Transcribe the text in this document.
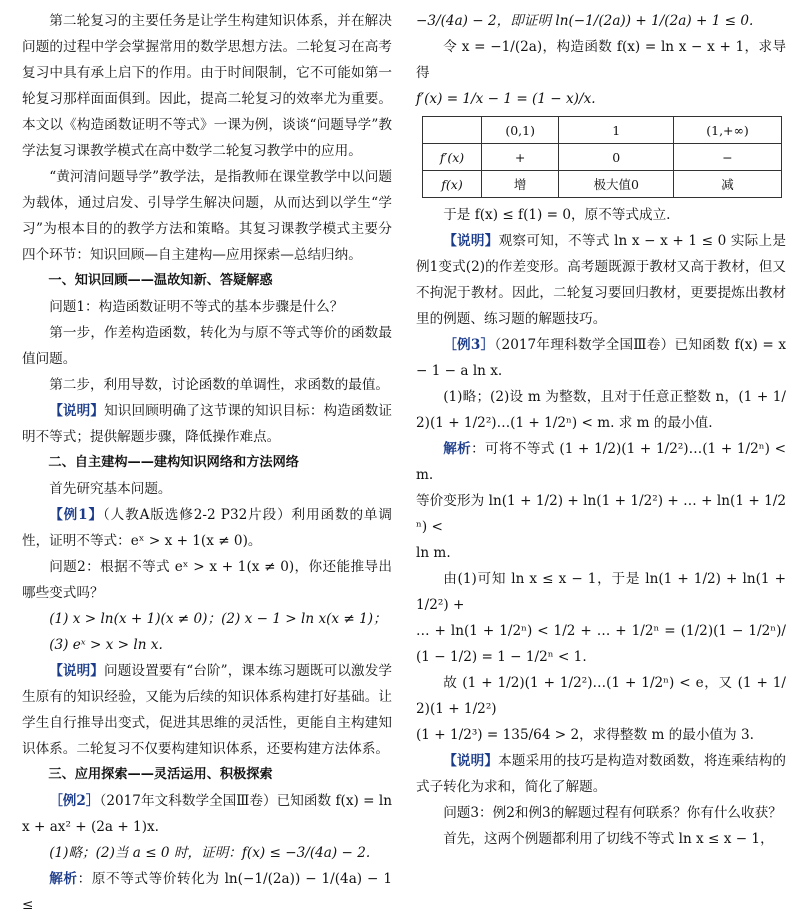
第二轮复习的主要任务是让学生构建知识体系，并在解决问题的过程中学会掌握常用的数学思想方法。二轮复习在高考复习中具有承上启下的作用。由于时间限制，它不可能如第一轮复习那样面面俱到。因此，提高二轮复习的效率尤为重要。本文以《构造函数证明不等式》一课为例，谈谈“问题导学”教学法复习课教学模式在高中数学二轮复习教学中的应用。

“黄河清问题导学”教学法，是指教师在课堂教学中以问题为载体，通过启发、引导学生解决问题，从而达到以学生“学习”为根本目的的教学方法和策略。其复习课教学模式主要分四个环节：知识回顾—自主建构—应用探索—总结归纳。

一、知识回顾——温故知新、答疑解惑

问题1：构造函数证明不等式的基本步骤是什么？

第一步，作差构造函数，转化为与原不等式等价的函数最值问题。

第二步，利用导数，讨论函数的单调性，求函数的最值。

【说明】知识回顾明确了这节课的知识目标：构造函数证明不等式；提供解题步骤，降低操作难点。

二、自主建构——建构知识网络和方法网络

首先研究基本问题。

【例1】（人教A版选修2-2 P32片段）利用函数的单调性，证明不等式：eˣ > x + 1(x ≠ 0)。

问题2：根据不等式 eˣ > x + 1(x ≠ 0)，你还能推导出哪些变式吗？

(1) x > ln(x + 1)(x ≠ 0)；(2) x − 1 > ln x(x ≠ 1)；

(3) eˣ > x > ln x.

【说明】问题设置要有“台阶”，课本练习题既可以激发学生原有的知识经验，又能为后续的知识体系构建打好基础。让学生自行推导出变式，促进其思维的灵活性，更能自主构建知识体系。二轮复习不仅要构建知识体系，还要构建方法体系。

三、应用探索——灵活运用、积极探索

［例2］（2017年文科数学全国Ⅲ卷）已知函数 f(x) = ln x + ax² + (2a + 1)x.

(1)略；(2)当 a ≤ 0 时，证明：f(x) ≤ −3/(4a) − 2.

解析：原不等式等价转化为 ln(−1/(2a)) − 1/(4a) − 1 ≤

−3/(4a) − 2，即证明 ln(−1/(2a)) + 1/(2a) + 1 ≤ 0.

令 x = −1/(2a)，构造函数 f(x) = ln x − x + 1，求导得

f′(x) = 1/x − 1 = (1 − x)/x.

	(0,1)	1	(1,+∞)
f′(x)	+	0	−
f(x)	增	极大值0	减

于是 f(x) ≤ f(1) = 0，原不等式成立.

【说明】观察可知，不等式 ln x − x + 1 ≤ 0 实际上是例1变式(2)的作差变形。高考题既源于教材又高于教材，但又不拘泥于教材。因此，二轮复习要回归教材，更要提炼出教材里的例题、练习题的解题技巧。

［例3］（2017年理科数学全国Ⅲ卷）已知函数 f(x) = x − 1 − a ln x.

(1)略；(2)设 m 为整数，且对于任意正整数 n，(1 + 1/2)(1 + 1/2²)…(1 + 1/2ⁿ) < m. 求 m 的最小值.

解析：可将不等式 (1 + 1/2)(1 + 1/2²)…(1 + 1/2ⁿ) < m.

等价变形为 ln(1 + 1/2) + ln(1 + 1/2²) + … + ln(1 + 1/2ⁿ) <

ln m.

由(1)可知 ln x ≤ x − 1，于是 ln(1 + 1/2) + ln(1 + 1/2²) +

… + ln(1 + 1/2ⁿ) < 1/2 + … + 1/2ⁿ = (1/2)(1 − 1/2ⁿ)/(1 − 1/2) = 1 − 1/2ⁿ < 1.

故 (1 + 1/2)(1 + 1/2²)…(1 + 1/2ⁿ) < e，又 (1 + 1/2)(1 + 1/2²)

(1 + 1/2³) = 135/64 > 2，求得整数 m 的最小值为 3.

【说明】本题采用的技巧是构造对数函数，将连乘结构的式子转化为求和，简化了解题。

问题3：例2和例3的解题过程有何联系？你有什么收获？

首先，这两个例题都利用了切线不等式 ln x ≤ x − 1，
